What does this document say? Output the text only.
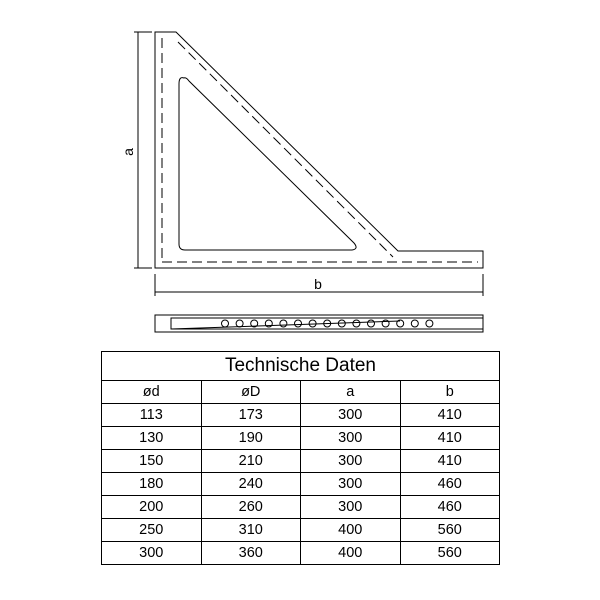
a
b
Technische Daten			
ød	øD	a	b
113	173	300	410
130	190	300	410
150	210	300	410
180	240	300	460
200	260	300	460
250	310	400	560
300	360	400	560
